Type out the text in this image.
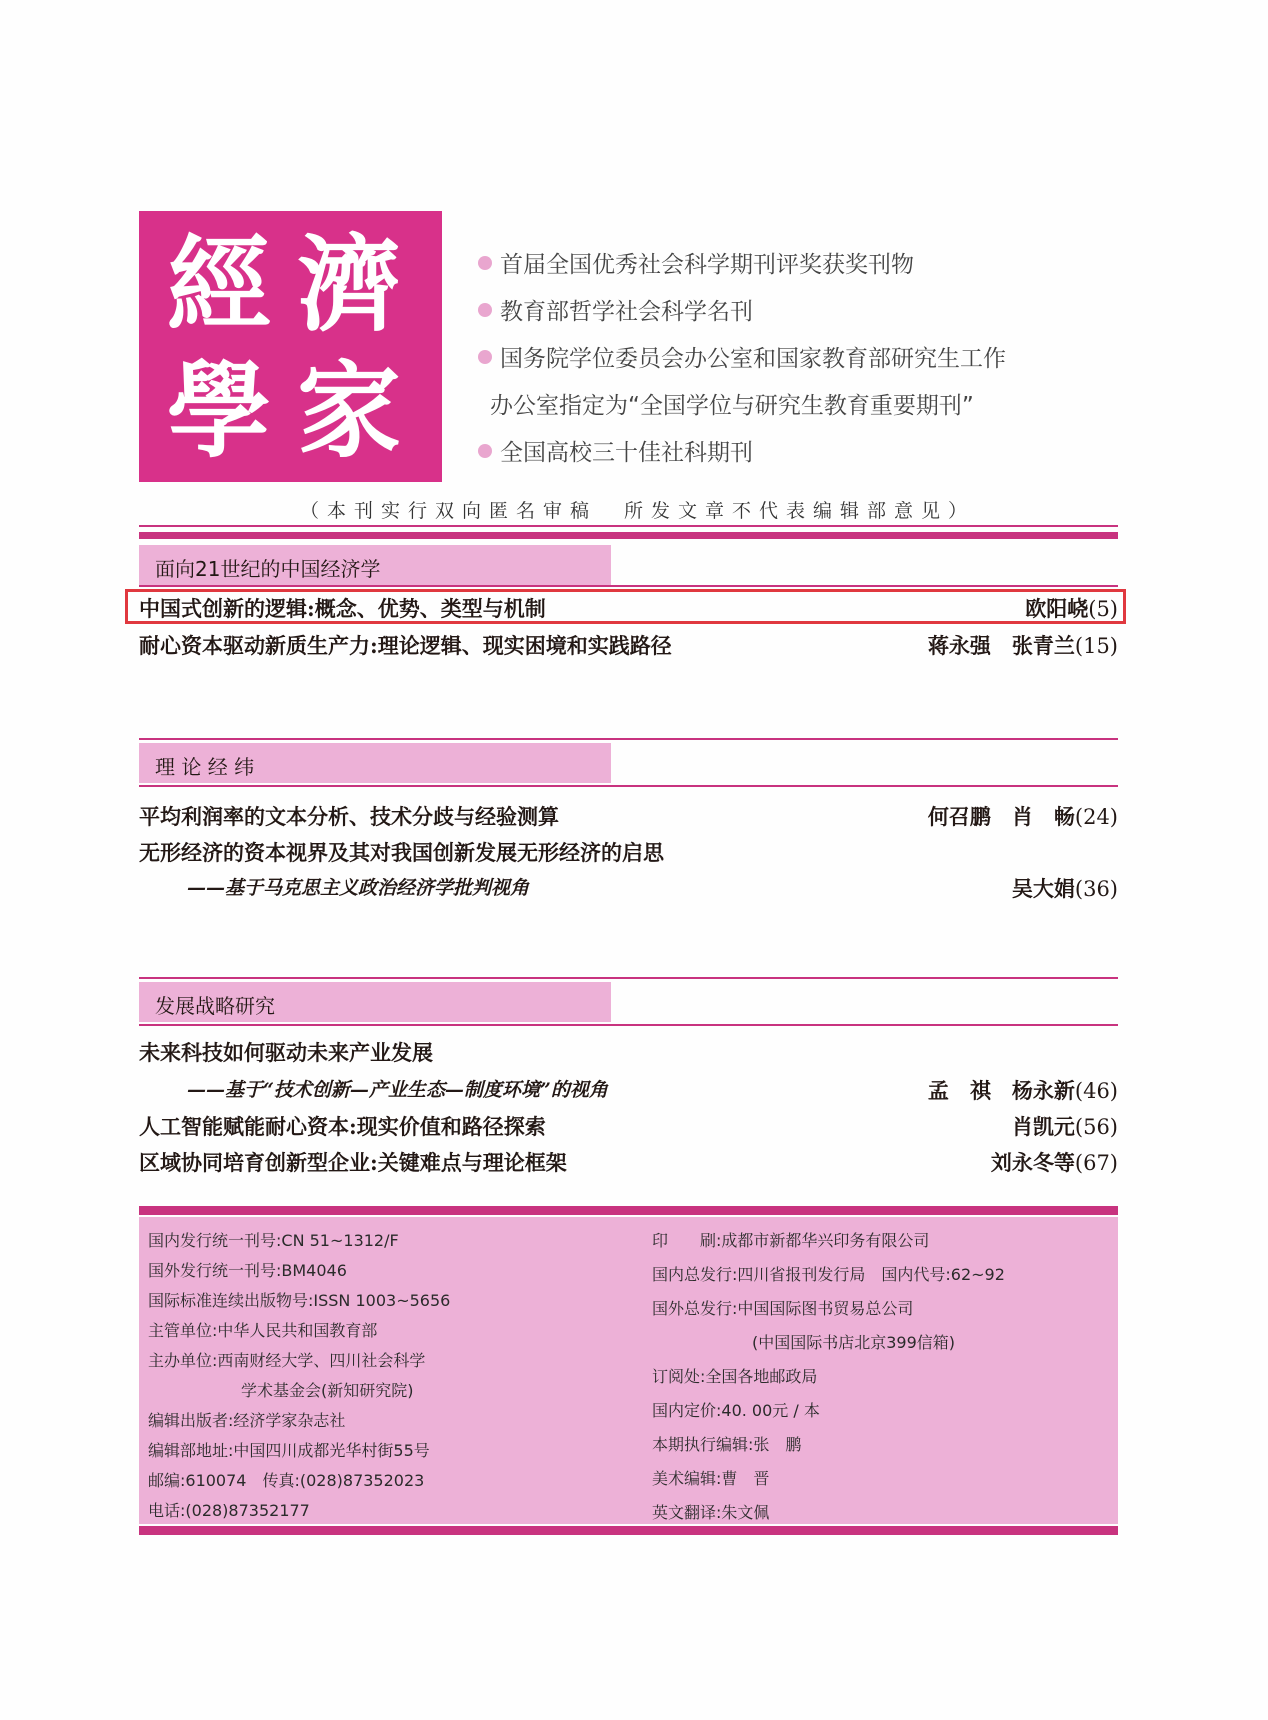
經 濟
學 家
首届全国优秀社会科学期刊评奖获奖刊物
教育部哲学社会科学名刊
国务院学位委员会办公室和国家教育部研究生工作
办公室指定为“全国学位与研究生教育重要期刊”
全国高校三十佳社科期刊
（本刊实行双向匿名审稿　所发文章不代表编辑部意见）
面向21世纪的中国经济学
中国式创新的逻辑:概念、优势、类型与机制	欧阳峣(5)
耐心资本驱动新质生产力:理论逻辑、现实困境和实践路径	蒋永强　张青兰(15)
理 论 经 纬
平均利润率的文本分析、技术分歧与经验测算	何召鹏　肖　畅(24)
无形经济的资本视界及其对我国创新发展无形经济的启思
——基于马克思主义政治经济学批判视角	吴大娟(36)
发展战略研究
未来科技如何驱动未来产业发展
——基于“技术创新—产业生态—制度环境”的视角	孟　祺　杨永新(46)
人工智能赋能耐心资本:现实价值和路径探索	肖凯元(56)
区域协同培育创新型企业:关键难点与理论框架	刘永冬等(67)
国内发行统一刊号:CN 51~1312/F
国外发行统一刊号:BM4046
国际标准连续出版物号:ISSN 1003~5656
主管单位:中华人民共和国教育部
主办单位:西南财经大学、四川社会科学
学术基金会(新知研究院)
编辑出版者:经济学家杂志社
编辑部地址:中国四川成都光华村街55号
邮编:610074　传真:(028)87352023
电话:(028)87352177
印　　刷:成都市新都华兴印务有限公司
国内总发行:四川省报刊发行局　国内代号:62~92
国外总发行:中国国际图书贸易总公司
(中国国际书店北京399信箱)
订阅处:全国各地邮政局
国内定价:40. 00元 / 本
本期执行编辑:张　鹏
美术编辑:曹　晋
英文翻译:朱文佩
